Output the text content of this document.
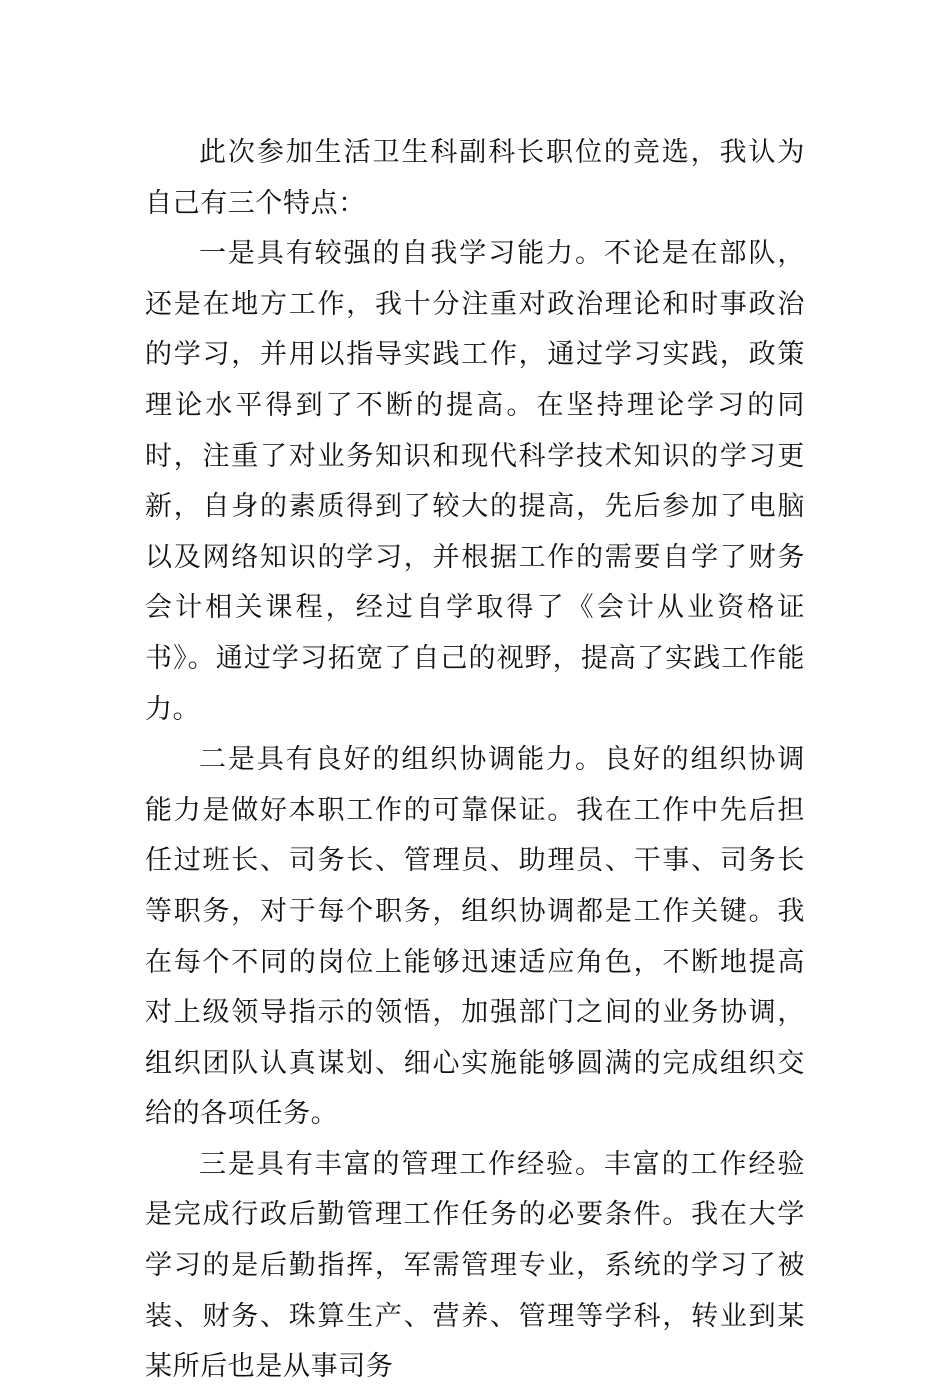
此次参加生活卫生科副科长职位的竞选，我认为自己有三个特点：

一是具有较强的自我学习能力。不论是在部队，还是在地方工作，我十分注重对政治理论和时事政治的学习，并用以指导实践工作，通过学习实践，政策理论水平得到了不断的提高。在坚持理论学习的同时，注重了对业务知识和现代科学技术知识的学习更新，自身的素质得到了较大的提高，先后参加了电脑以及网络知识的学习，并根据工作的需要自学了财务会计相关课程，经过自学取得了《会计从业资格证书》。通过学习拓宽了自己的视野，提高了实践工作能力。

二是具有良好的组织协调能力。良好的组织协调能力是做好本职工作的可靠保证。我在工作中先后担任过班长、司务长、管理员、助理员、干事、司务长等职务，对于每个职务，组织协调都是工作关键。我在每个不同的岗位上能够迅速适应角色，不断地提高对上级领导指示的领悟，加强部门之间的业务协调，组织团队认真谋划、细心实施能够圆满的完成组织交给的各项任务。

三是具有丰富的管理工作经验。丰富的工作经验是完成行政后勤管理工作任务的必要条件。我在大学学习的是后勤指挥，军需管理专业，系统的学习了被装、财务、珠算生产、营养、管理等学科，转业到某某所后也是从事司务
